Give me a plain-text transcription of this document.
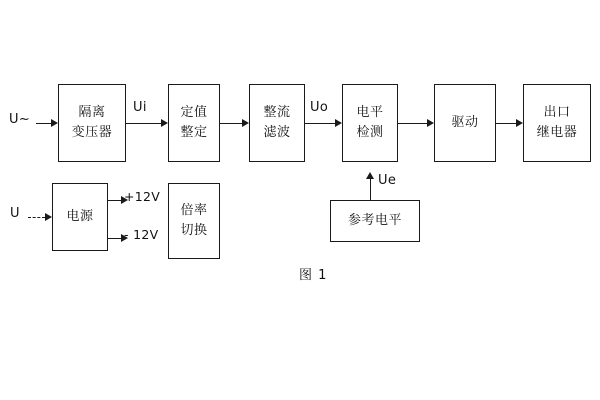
隔离
变压器
定值
整定
整流
滤波
电平
检测
驱动
出口
继电器
电源	倍率
切换
参考电平
U~
U
Ui	Uo
Ue
+12V
- 12V
图 1
